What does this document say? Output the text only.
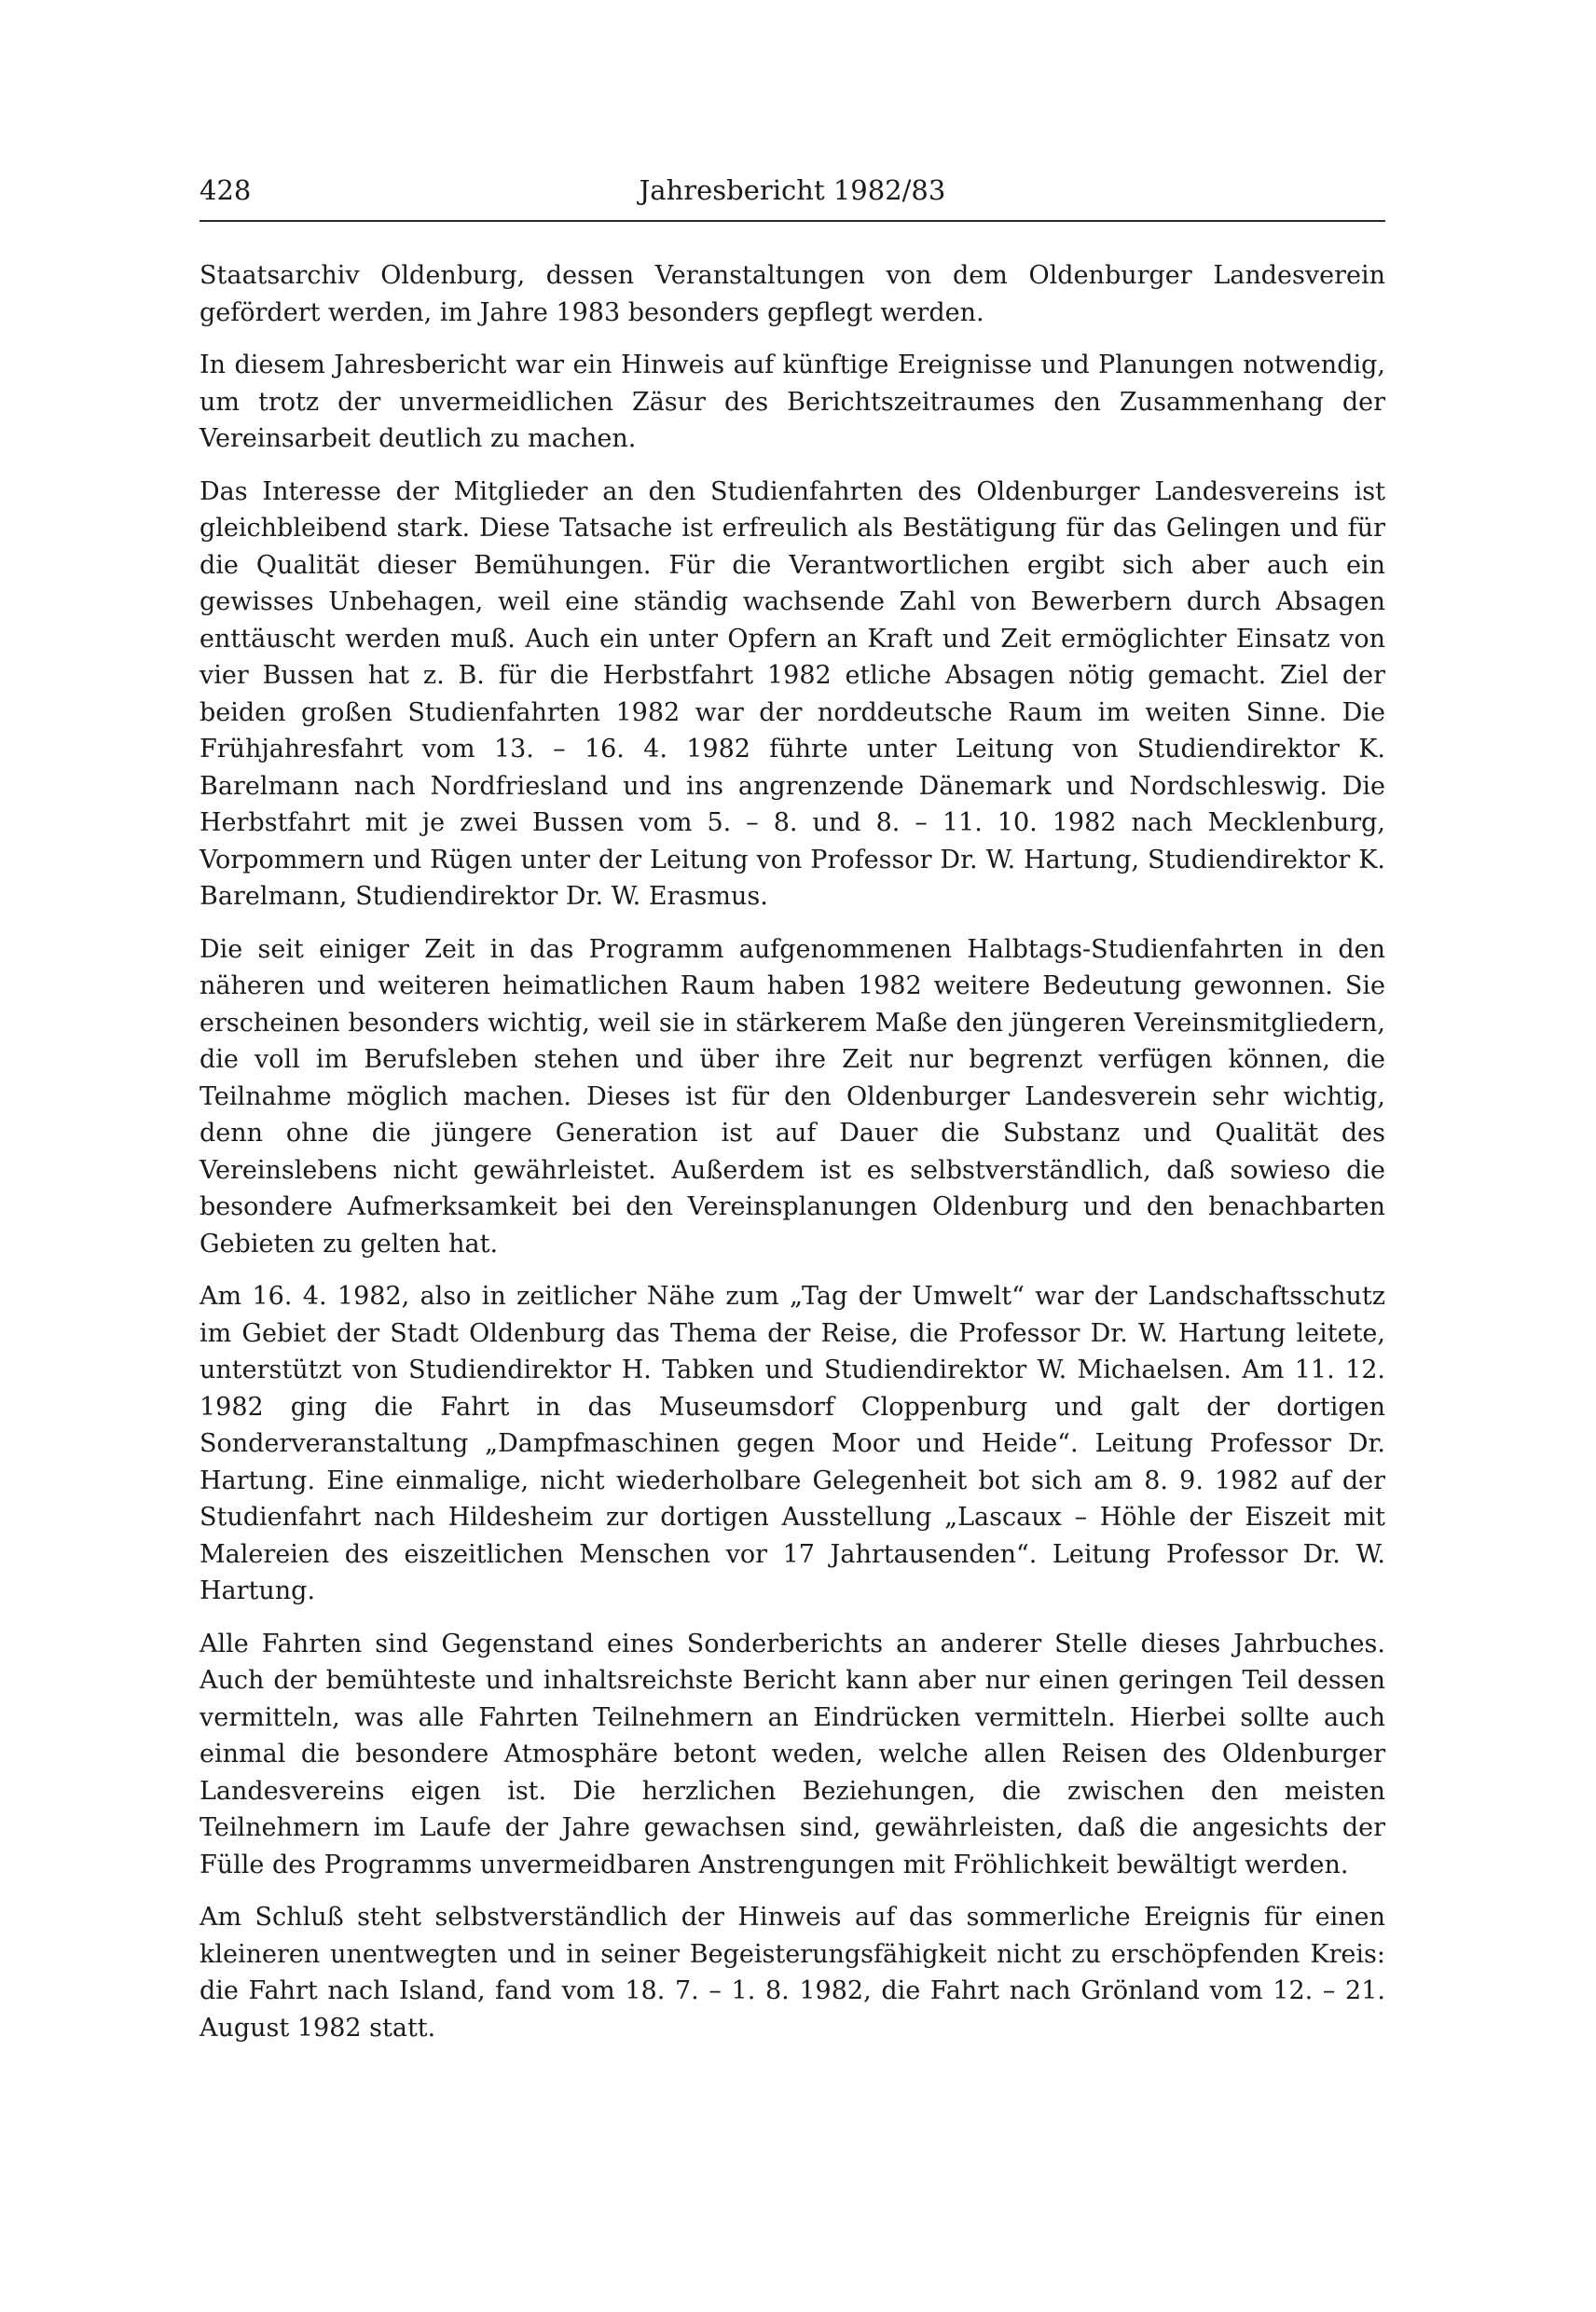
428	Jahresbericht 1982/83

Staatsarchiv Oldenburg, dessen Veranstaltungen von dem Oldenburger Landesverein gefördert werden, im Jahre 1983 besonders gepflegt werden.

In diesem Jahresbericht war ein Hinweis auf künftige Ereignisse und Planungen notwendig, um trotz der unvermeidlichen Zäsur des Berichtszeitraumes den Zusammenhang der Vereinsarbeit deutlich zu machen.

Das Interesse der Mitglieder an den Studienfahrten des Oldenburger Landesvereins ist gleichbleibend stark. Diese Tatsache ist erfreulich als Bestätigung für das Gelingen und für die Qualität dieser Bemühungen. Für die Verantwortlichen ergibt sich aber auch ein gewisses Unbehagen, weil eine ständig wachsende Zahl von Bewerbern durch Absagen enttäuscht werden muß. Auch ein unter Opfern an Kraft und Zeit ermöglichter Einsatz von vier Bussen hat z. B. für die Herbstfahrt 1982 etliche Absagen nötig gemacht. Ziel der beiden großen Studienfahrten 1982 war der norddeutsche Raum im weiten Sinne. Die Frühjahresfahrt vom 13. – 16. 4. 1982 führte unter Leitung von Studiendirektor K. Barelmann nach Nordfriesland und ins angrenzende Dänemark und Nordschleswig. Die Herbstfahrt mit je zwei Bussen vom 5. – 8. und 8. – 11. 10. 1982 nach Mecklenburg, Vorpommern und Rügen unter der Leitung von Professor Dr. W. Hartung, Studiendirektor K. Barelmann, Studiendirektor Dr. W. Erasmus.

Die seit einiger Zeit in das Programm aufgenommenen Halbtags-Studienfahrten in den näheren und weiteren heimatlichen Raum haben 1982 weitere Bedeutung gewonnen. Sie erscheinen besonders wichtig, weil sie in stärkerem Maße den jüngeren Vereinsmitgliedern, die voll im Berufsleben stehen und über ihre Zeit nur begrenzt verfügen können, die Teilnahme möglich machen. Dieses ist für den Oldenburger Landesverein sehr wichtig, denn ohne die jüngere Generation ist auf Dauer die Substanz und Qualität des Vereinslebens nicht gewährleistet. Außerdem ist es selbstverständlich, daß sowieso die besondere Aufmerksamkeit bei den Vereinsplanungen Oldenburg und den benachbarten Gebieten zu gelten hat.

Am 16. 4. 1982, also in zeitlicher Nähe zum „Tag der Umwelt“ war der Landschaftsschutz im Gebiet der Stadt Oldenburg das Thema der Reise, die Professor Dr. W. Hartung leitete, unterstützt von Studiendirektor H. Tabken und Studiendirektor W. Michaelsen. Am 11. 12. 1982 ging die Fahrt in das Museumsdorf Cloppenburg und galt der dortigen Sonderveranstaltung „Dampfmaschinen gegen Moor und Heide“. Leitung Professor Dr. Hartung. Eine einmalige, nicht wiederholbare Gelegenheit bot sich am 8. 9. 1982 auf der Studienfahrt nach Hildesheim zur dortigen Ausstellung „Lascaux – Höhle der Eiszeit mit Malereien des eiszeitlichen Menschen vor 17 Jahrtausenden“. Leitung Professor Dr. W. Hartung.

Alle Fahrten sind Gegenstand eines Sonderberichts an anderer Stelle dieses Jahrbuches. Auch der bemühteste und inhaltsreichste Bericht kann aber nur einen geringen Teil dessen vermitteln, was alle Fahrten Teilnehmern an Eindrücken vermitteln. Hierbei sollte auch einmal die besondere Atmosphäre betont weden, welche allen Reisen des Oldenburger Landesvereins eigen ist. Die herzlichen Beziehungen, die zwischen den meisten Teilnehmern im Laufe der Jahre gewachsen sind, gewährleisten, daß die angesichts der Fülle des Programms unvermeidbaren Anstrengungen mit Fröhlichkeit bewältigt werden.

Am Schluß steht selbstverständlich der Hinweis auf das sommerliche Ereignis für einen kleineren unentwegten und in seiner Begeisterungsfähigkeit nicht zu erschöpfenden Kreis: die Fahrt nach Island, fand vom 18. 7. – 1. 8. 1982, die Fahrt nach Grönland vom 12. – 21. August 1982 statt.
